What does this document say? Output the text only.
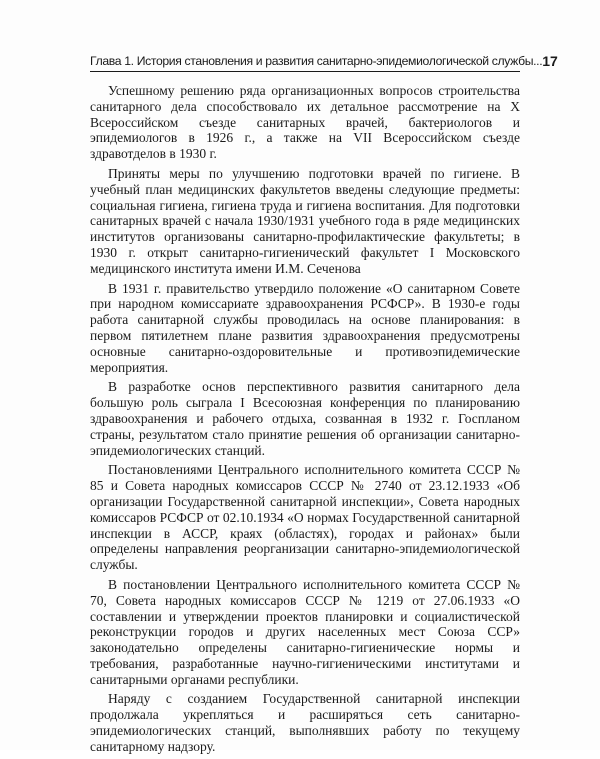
Глава 1. История становления и развития санитарно-эпидемиологической службы... 17

Успешному решению ряда организационных вопросов строительства санитарного дела способствовало их детальное рассмотрение на X Всероссийском съезде санитарных врачей, бактериологов и эпидемиологов в 1926 г., а также на VII Всероссийском съезде здравотделов в 1930 г.

Приняты меры по улучшению подготовки врачей по гигиене. В учебный план медицинских факультетов введены следующие предметы: социальная гигиена, гигиена труда и гигиена воспитания. Для подготовки санитарных врачей с начала 1930/1931 учебного года в ряде медицинских институтов организованы санитарно-профилактические факультеты; в 1930 г. открыт санитарно-гигиенический факультет I Московского медицинского института имени И.М. Сеченова

В 1931 г. правительство утвердило положение «О санитарном Совете при народном комиссариате здравоохранения РСФСР». В 1930-е годы работа санитарной службы проводилась на основе планирования: в первом пятилетнем плане развития здравоохранения предусмотрены основные санитарно-оздоровительные и противоэпидемические мероприятия.

В разработке основ перспективного развития санитарного дела большую роль сыграла I Всесоюзная конференция по планированию здравоохранения и рабочего отдыха, созванная в 1932 г. Госпланом страны, результатом стало принятие решения об организации санитарно-эпидемиологических станций.

Постановлениями Центрального исполнительного комитета СССР № 85 и Совета народных комиссаров СССР № 2740 от 23.12.1933 «Об организации Государственной санитарной инспекции», Совета народных комиссаров РСФСР от 02.10.1934 «О нормах Государственной санитарной инспекции в АССР, краях (областях), городах и районах» были определены направления реорганизации санитарно-эпидемиологической службы.

В постановлении Центрального исполнительного комитета СССР № 70, Совета народных комиссаров СССР № 1219 от 27.06.1933 «О составлении и утверждении проектов планировки и социалистической реконструкции городов и других населенных мест Союза ССР» законодательно определены санитарно-гигиенические нормы и требования, разработанные научно-гигиеническими институтами и санитарными органами республики.

Наряду с созданием Государственной санитарной инспекции продолжала укрепляться и расширяться сеть санитарно-эпидемиологических станций, выполнявших работу по текущему санитарному надзору.
